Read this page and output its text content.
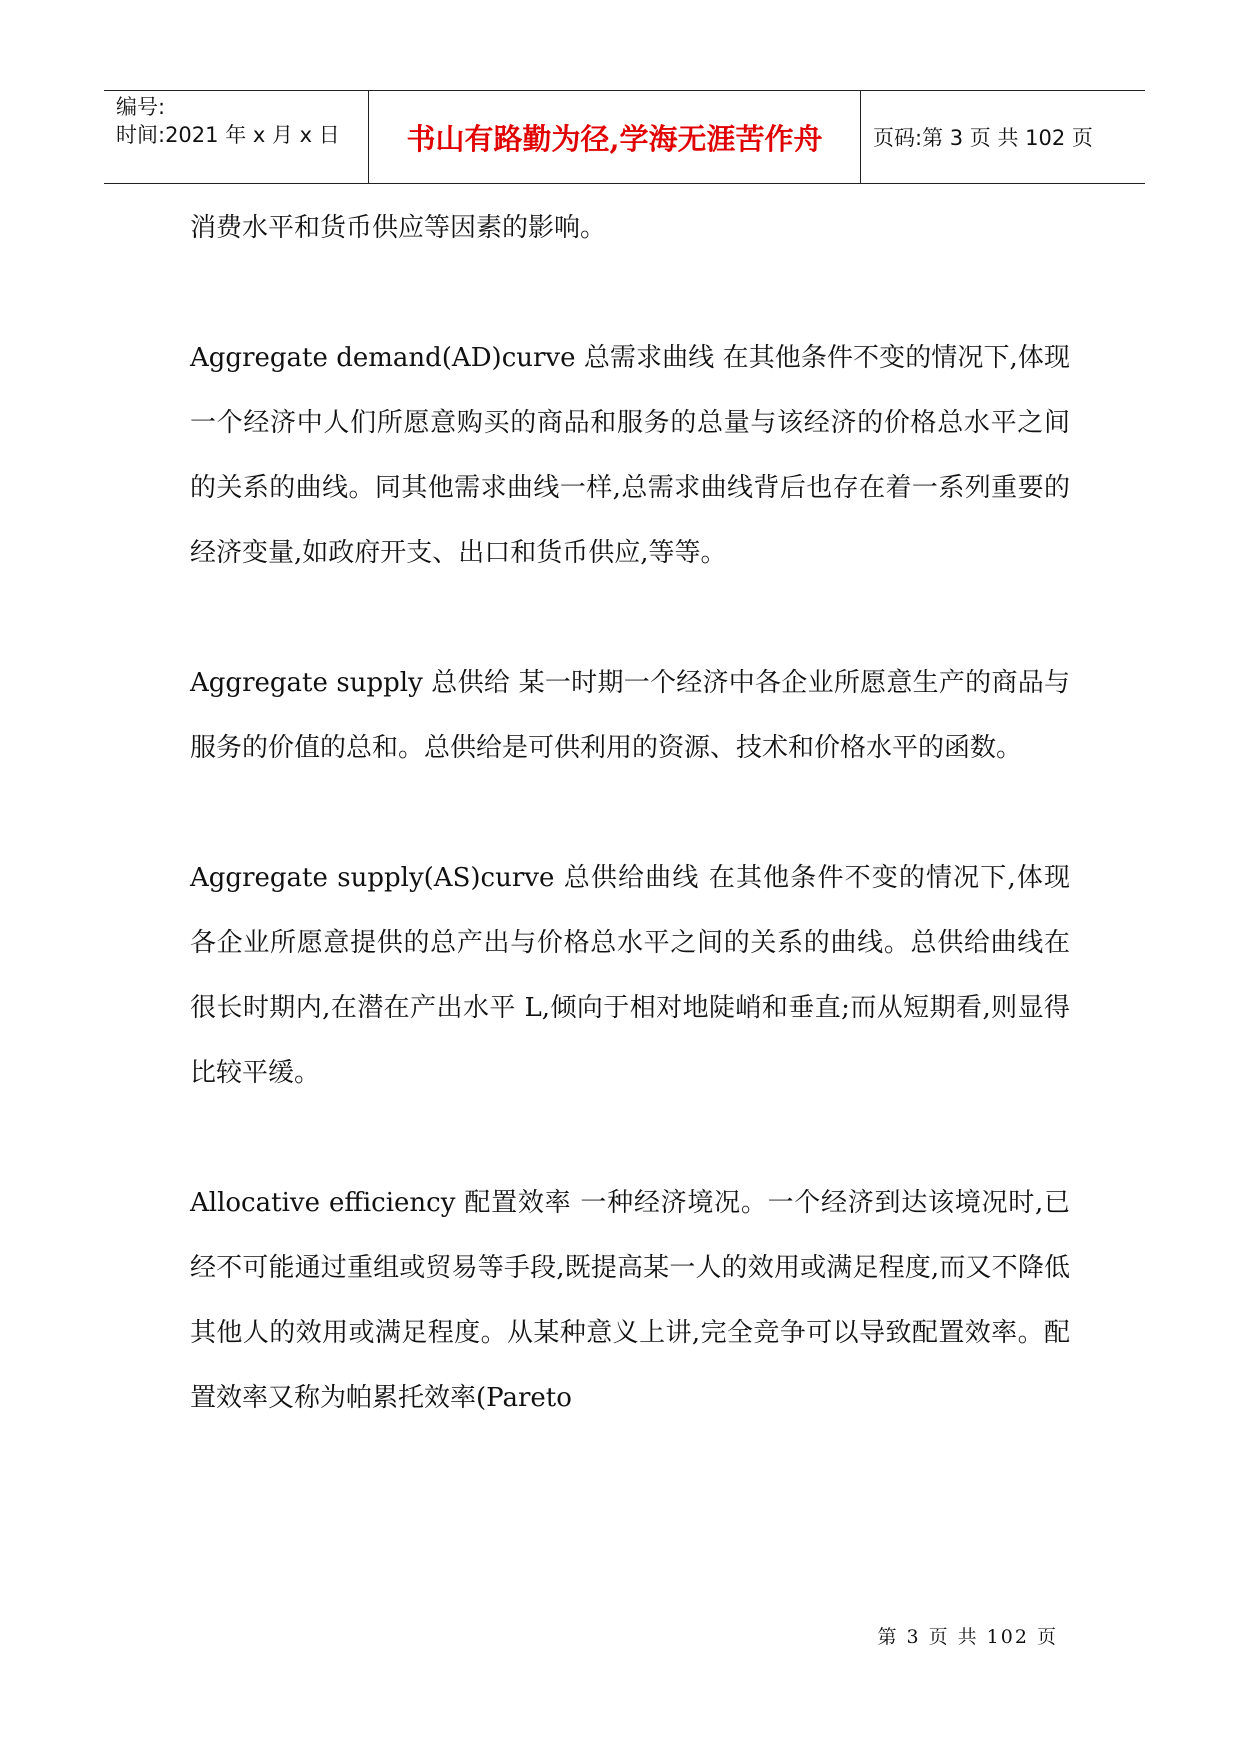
编号:
时间:2021 年 x 月 x 日	书山有路勤为径,学海无涯苦作舟	页码:第 3 页 共 102 页

消费水平和货币供应等因素的影响。

Aggregate demand(AD)curve 总需求曲线 在其他条件不变的情况下,体现一个经济中人们所愿意购买的商品和服务的总量与该经济的价格总水平之间的关系的曲线。同其他需求曲线一样,总需求曲线背后也存在着一系列重要的经济变量,如政府开支、出口和货币供应,等等。

Aggregate supply 总供给 某一时期一个经济中各企业所愿意生产的商品与服务的价值的总和。总供给是可供利用的资源、技术和价格水平的函数。

Aggregate supply(AS)curve 总供给曲线 在其他条件不变的情况下,体现各企业所愿意提供的总产出与价格总水平之间的关系的曲线。总供给曲线在很长时期内,在潜在产出水平 L,倾向于相对地陡峭和垂直;而从短期看,则显得比较平缓。

Allocative efficiency 配置效率 一种经济境况。一个经济到达该境况时,已经不可能通过重组或贸易等手段,既提高某一人的效用或满足程度,而又不降低其他人的效用或满足程度。从某种意义上讲,完全竞争可以导致配置效率。配置效率又称为帕累托效率(Pareto

第 3 页 共 102 页
